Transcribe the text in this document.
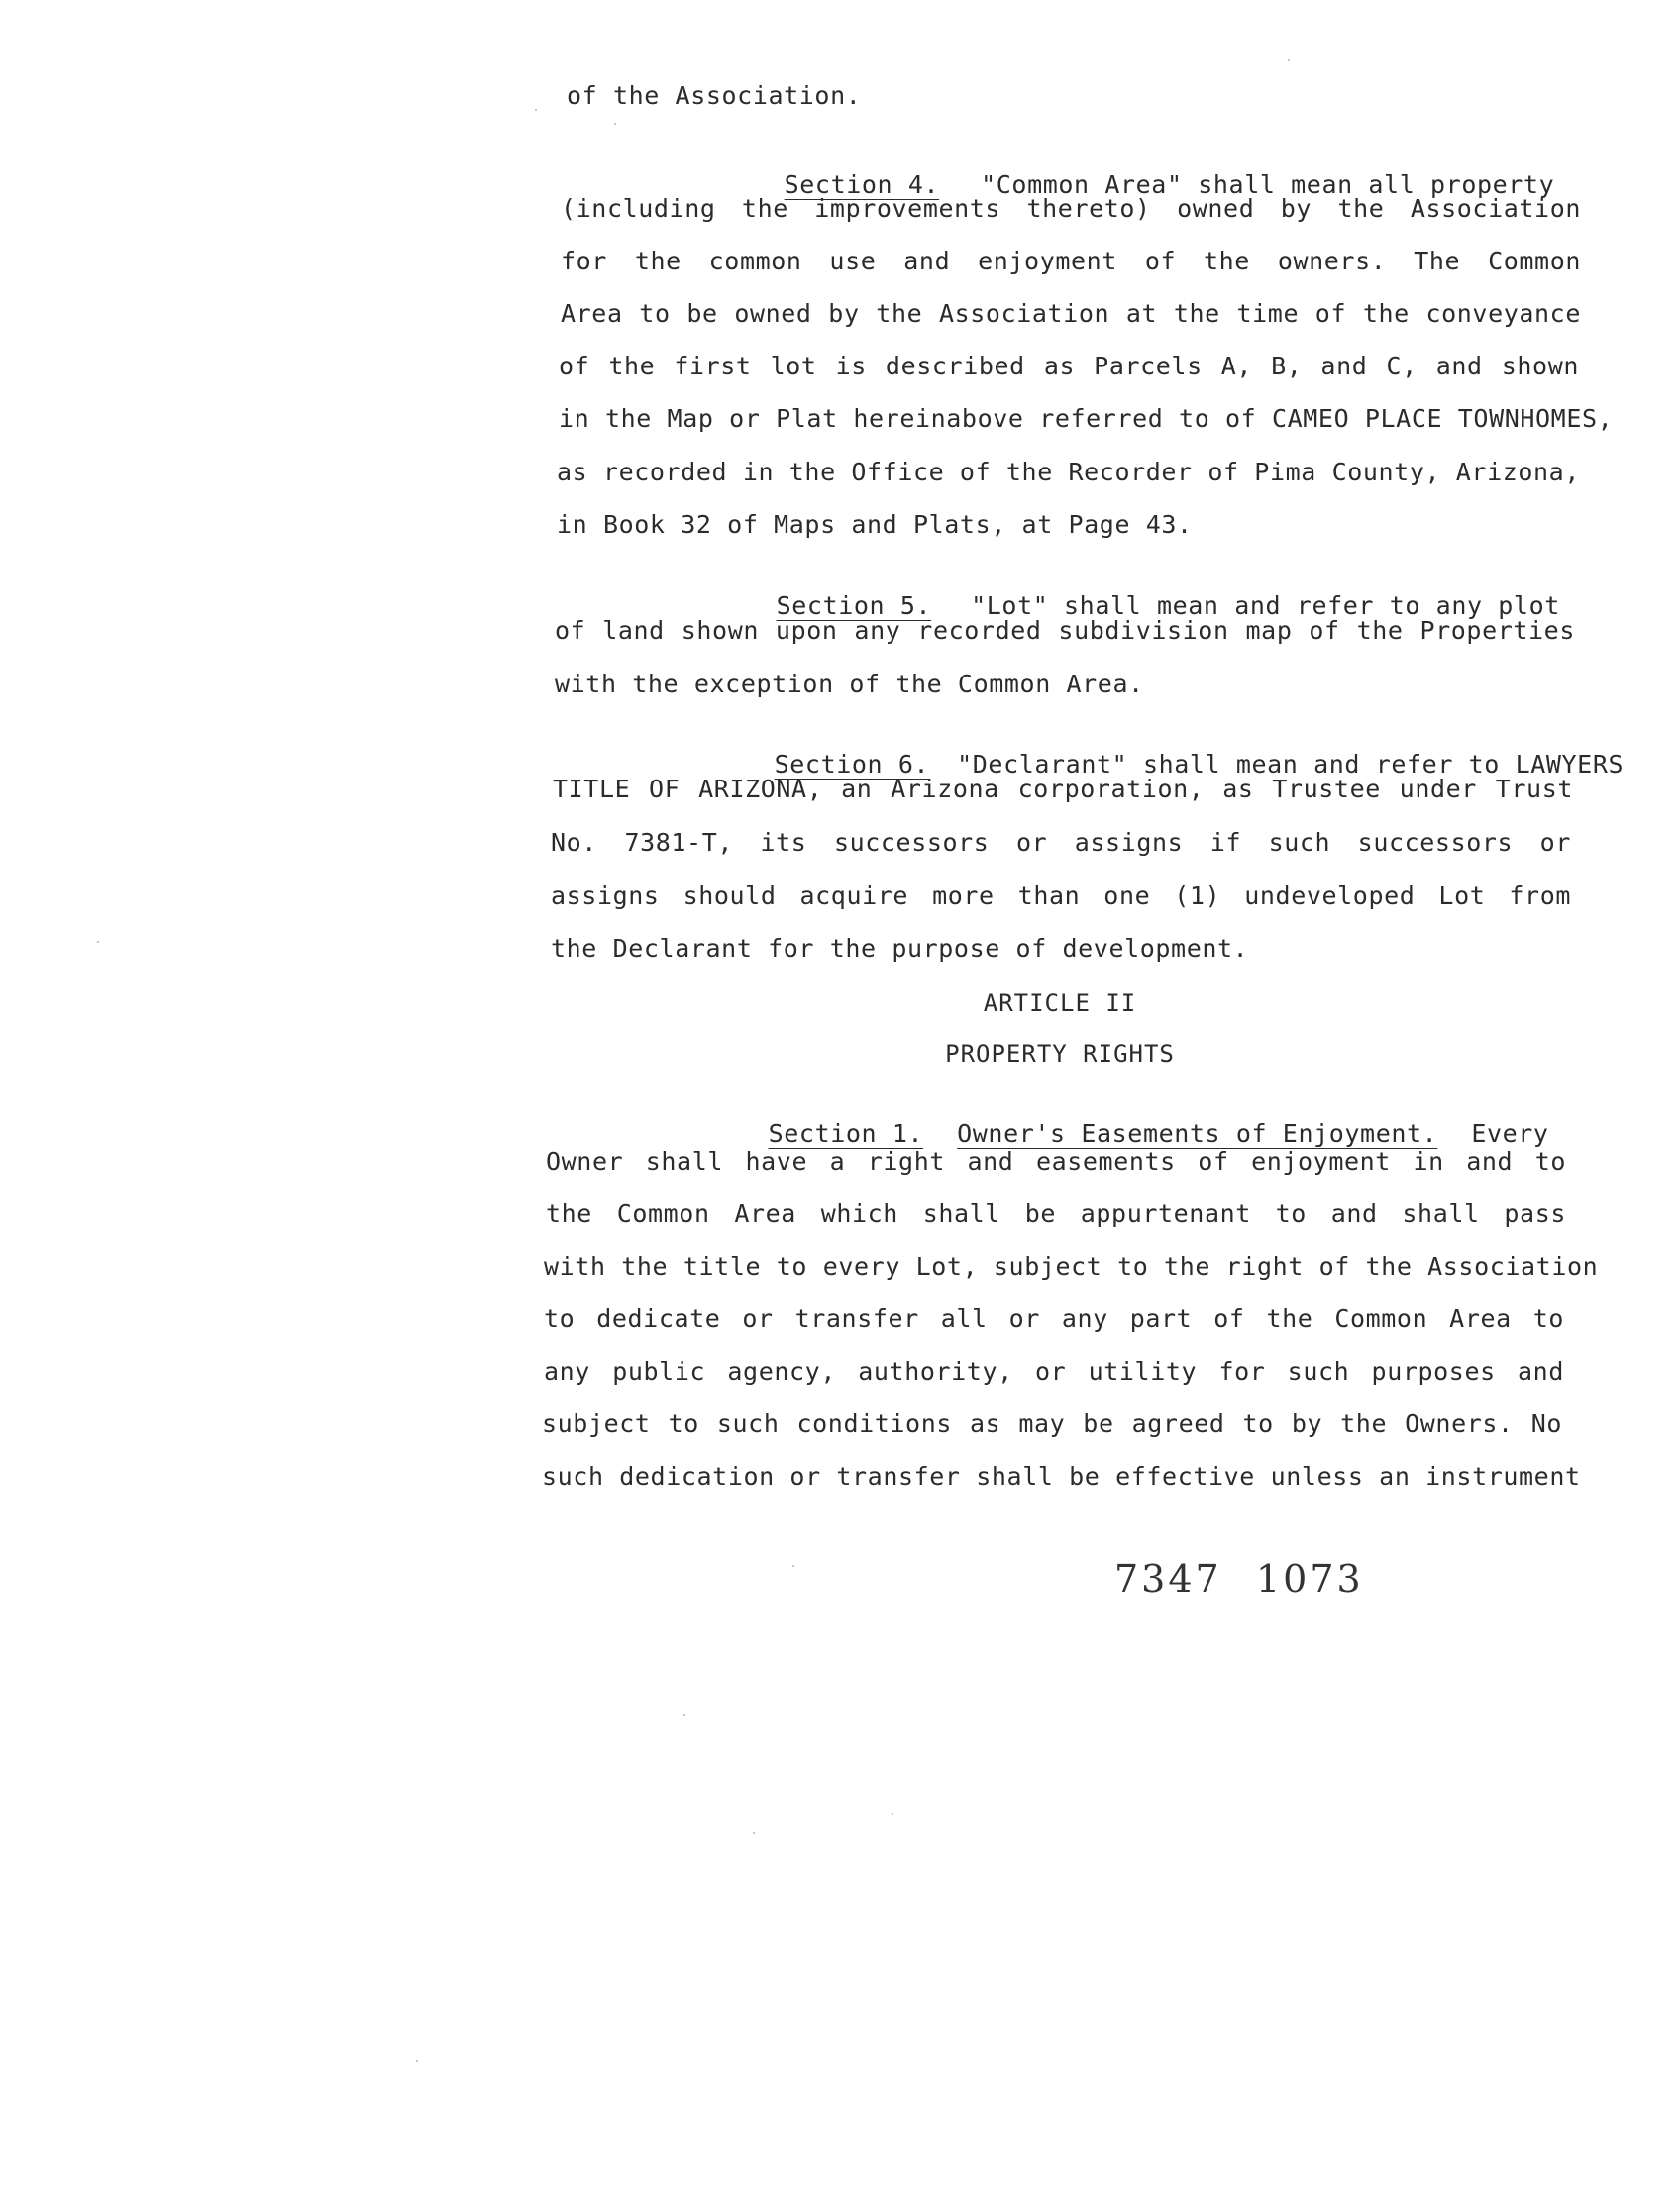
of the Association.

Section 4. "Common Area" shall mean all property

(including the improvements thereto) owned by the Association
for the common use and enjoyment of the owners. The Common
Area to be owned by the Association at the time of the conveyance
of the first lot is described as Parcels A, B, and C, and shown
in the Map or Plat hereinabove referred to of CAMEO PLACE TOWNHOMES,
as recorded in the Office of the Recorder of Pima County, Arizona,
in Book 32 of Maps and Plats, at Page 43.

Section 5. "Lot" shall mean and refer to any plot

of land shown upon any recorded subdivision map of the Properties
with the exception of the Common Area.

Section 6. "Declarant" shall mean and refer to LAWYERS

TITLE OF ARIZONA, an Arizona corporation, as Trustee under Trust
No. 7381-T, its successors or assigns if such successors or
assigns should acquire more than one (1) undeveloped Lot from
the Declarant for the purpose of development.
ARTICLE II
PROPERTY RIGHTS

Section 1. Owner's Easements of Enjoyment. Every

Owner shall have a right and easements of enjoyment in and to
the Common Area which shall be appurtenant to and shall pass
with the title to every Lot, subject to the right of the Association
to dedicate or transfer all or any part of the Common Area to
any public agency, authority, or utility for such purposes and
subject to such conditions as may be agreed to by the Owners. No
such dedication or transfer shall be effective unless an instrument
7347 1073
